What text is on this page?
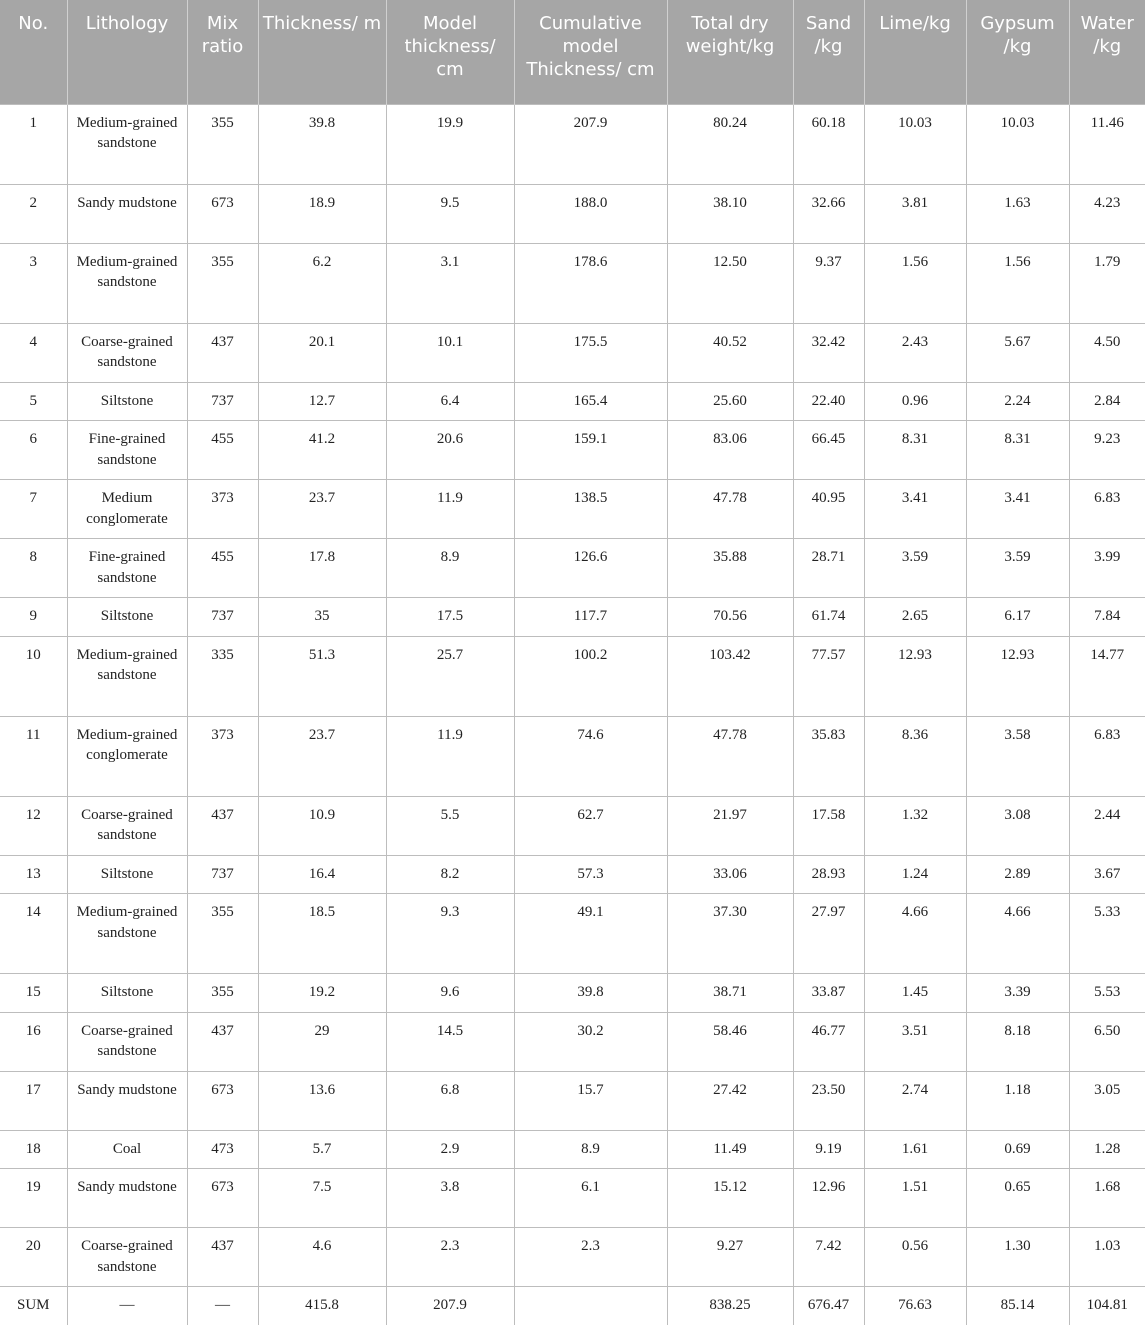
No.	Lithology	Mix ratio	Thickness/ m	Model thickness/ cm	Cumulative model Thickness/ cm	Total dry weight/kg	Sand /kg	Lime/kg	Gypsum /kg	Water /kg
1	Medium-grained sandstone	355	39.8	19.9	207.9	80.24	60.18	10.03	10.03	11.46
2	Sandy mudstone	673	18.9	9.5	188.0	38.10	32.66	3.81	1.63	4.23
3	Medium-grained sandstone	355	6.2	3.1	178.6	12.50	9.37	1.56	1.56	1.79
4	Coarse-grained sandstone	437	20.1	10.1	175.5	40.52	32.42	2.43	5.67	4.50
5	Siltstone	737	12.7	6.4	165.4	25.60	22.40	0.96	2.24	2.84
6	Fine-grained sandstone	455	41.2	20.6	159.1	83.06	66.45	8.31	8.31	9.23
7	Medium conglomerate	373	23.7	11.9	138.5	47.78	40.95	3.41	3.41	6.83
8	Fine-grained sandstone	455	17.8	8.9	126.6	35.88	28.71	3.59	3.59	3.99
9	Siltstone	737	35	17.5	117.7	70.56	61.74	2.65	6.17	7.84
10	Medium-grained sandstone	335	51.3	25.7	100.2	103.42	77.57	12.93	12.93	14.77
11	Medium-grained conglomerate	373	23.7	11.9	74.6	47.78	35.83	8.36	3.58	6.83
12	Coarse-grained sandstone	437	10.9	5.5	62.7	21.97	17.58	1.32	3.08	2.44
13	Siltstone	737	16.4	8.2	57.3	33.06	28.93	1.24	2.89	3.67
14	Medium-grained sandstone	355	18.5	9.3	49.1	37.30	27.97	4.66	4.66	5.33
15	Siltstone	355	19.2	9.6	39.8	38.71	33.87	1.45	3.39	5.53
16	Coarse-grained sandstone	437	29	14.5	30.2	58.46	46.77	3.51	8.18	6.50
17	Sandy mudstone	673	13.6	6.8	15.7	27.42	23.50	2.74	1.18	3.05
18	Coal	473	5.7	2.9	8.9	11.49	9.19	1.61	0.69	1.28
19	Sandy mudstone	673	7.5	3.8	6.1	15.12	12.96	1.51	0.65	1.68
20	Coarse-grained sandstone	437	4.6	2.3	2.3	9.27	7.42	0.56	1.30	1.03
SUM	—	—	415.8	207.9		838.25	676.47	76.63	85.14	104.81
